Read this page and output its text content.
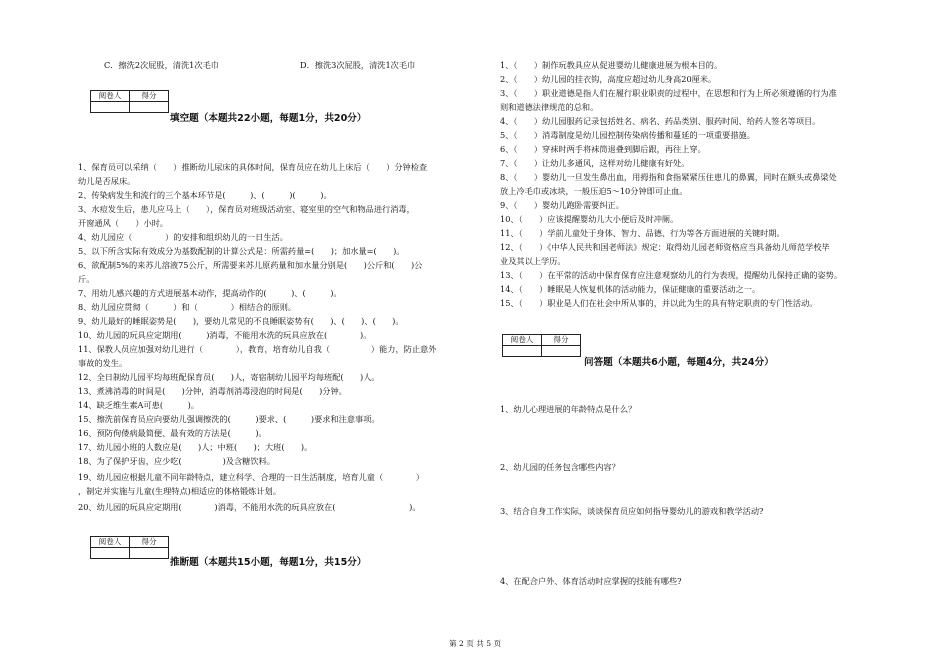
C．擦洗2次屁股，清洗1次毛巾	D．擦洗3次屁股，清洗1次毛巾
阅卷人	得分

填空题（本题共22小题，每题1分，共20分）
1、保育员可以采纳（　　）推断幼儿尿床的具体时间，保育员应在幼儿上床后（　　）分钟检查
幼儿是否尿床。
2、传染病发生和流行的三个基本环节是(　　　)、(　　　)(　　　)。
3、水痘发生后，患儿应马上（　　），保育员对班级活动室、寝室里的空气和物品进行消毒，
开窗通风（　　）小时。
4、幼儿园应（　　　　）的安排和组织幼儿的一日生活。
5、以下所含实际有效成分为基数配制的计算公式是：所需药量=(　　)；加水量=(　　)。
6、欲配制5%的来苏儿溶液75公斤，所需要来苏儿原药量和加水量分别是(　　)公斤和(　　)公
斤。
7、用幼儿感兴趣的方式进展基本动作，提高动作的(　　　)、(　　　)。
8、幼儿园应贯彻（　　　）和（　　　　）相结合的原则。
9、幼儿最好的睡眠姿势是(　　)，要幼儿常见的不良睡眠姿势有(　　)、(　　)、(　　)。
10、幼儿园的玩具应定期用(　　　)消毒，不能用水洗的玩具应放在(　　　　)。
11、保教人员应加强对幼儿进行（　　　　），教育，培育幼儿自我（　　　　　）能力，防止意外
事故的发生。
12、全日制幼儿园平均每班配保育员(　　)人，寄宿制幼儿园平均每班配(　　)人。
13、煮沸消毒的时间是(　　)分钟，消毒剂消毒浸泡的时间是(　　)分钟。
14、缺乏维生素A可患(　　　)。
15、擦洗前保育员应向要幼儿强调擦洗的(　　　)要求、(　　　)要求和注意事项。
16、预防佝偻病最简便、最有效的方法是(　　　)。
17、幼儿园小班的人数应是(　　)人；中班(　　)；大班(　　)。
18、为了保护牙齿，应少吃(　　　　　)及含糖饮料。
19、幼儿园应根据儿童不同年龄特点，建立科学、合理的一日生活制度，培育儿童（　　　　）
，制定并实施与儿童(生理特点)相适应的体格锻炼计划。
20、幼儿园的玩具应定期用(　　　　)消毒，不能用水洗的玩具应放在(　　　　　　　　　)。
阅卷人	得分

推断题（本题共15小题，每题1分，共15分）
1、（　　）制作玩教具应从促进婴幼儿健康进展为根本目的。
2、（　　）幼儿园的挂衣钩，高度应超过幼儿身高20厘米。
3、（　　）职业道德是指人们在履行职业职责的过程中，在思想和行为上所必须遵循的行为准
则和道德法律规范的总和。
4、（　　）幼儿园服药记录包括姓名、病名、药品类别、服药时间、给药人签名等项目。
5、（　　）消毒制度是幼儿园控制传染病传播和蔓延的一项重要措施。
6、（　　）穿袜时两手将袜筒退叠到脚后跟，再往上穿。
7、（　　）让幼儿多通风，这样对幼儿健康有好处。
8、（　　）婴幼儿一旦发生鼻出血，用拇指和食指紧紧压住患儿的鼻翼，同时在额头或鼻梁处
放上冷毛巾或冰块，一般压迫5～10分钟即可止血。
9、（　　）婴幼儿跑卧需要纠正。
10、（　　）应该提醒婴幼儿大小便后及时冲厕。
11、（　　）学前儿童处于身体、智力、品德、行为等各方面进展的关键时期。
12、（　　）《中华人民共和国老师法》规定：取得幼儿园老师资格应当具备幼儿师范学校毕
业及其以上学历。
13、（　　）在平常的活动中保育保育应注意观察幼儿的行为表现，提醒幼儿保持正确的姿势。
14、（　　）睡眠是人恢复机体的活动能力，保证健康的重要活动之一。
15、（　　）职业是人们在社会中所从事的，并以此为生的具有特定职责的专门性活动。
阅卷人	得分

问答题（本题共6小题，每题4分，共24分）
1、幼儿心理进展的年龄特点是什么？
2、幼儿园的任务包含哪些内容？
3、结合自身工作实际，谈谈保育员应如何指导婴幼儿的游戏和教学活动?
4、在配合户外、体育活动时应掌握的技能有哪些?
第 2 页 共 5 页
